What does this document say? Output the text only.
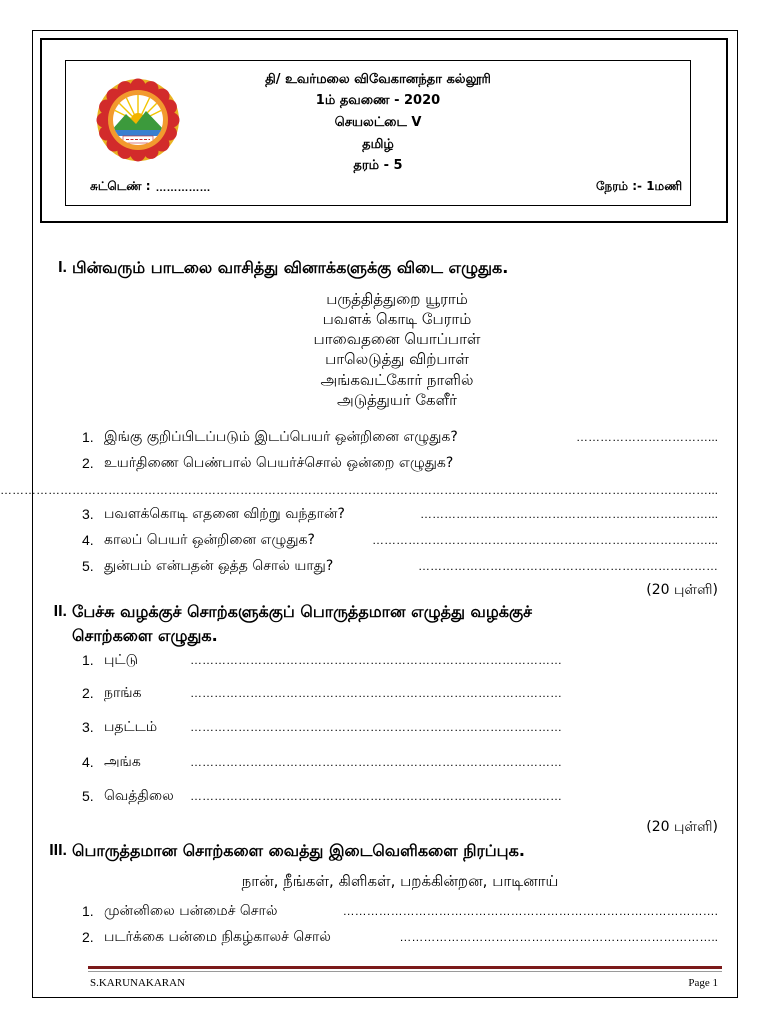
தி/ உவர்மலை விவேகானந்தா கல்லூரி
1ம் தவணை - 2020
செயலட்டை V
தமிழ்
தரம் - 5
சுட்டெண் : ……………	நேரம் :- 1மணி
I. பின்வரும் பாடலை வாசித்து வினாக்களுக்கு விடை எழுதுக.
பருத்தித்துறை யூராம்
பவளக் கொடி பேராம்
பாவைதனை யொப்பாள்
பாலெடுத்து விற்பாள்
அங்கவட்கோர் நாளில்
அடுத்துயர் கேளீர்
1. இங்கு குறிப்பிடப்படும் இடப்பெயர் ஒன்றினை எழுதுக?	……………………………...
2. உயர்திணை பெண்பால் பெயர்ச்சொல் ஒன்றை எழுதுக?
……………………………………………………………………………………………………………………………………………………………...
3. பவளக்கொடி எதனை விற்று வந்தான்?	………………………………………………………………...
4. காலப் பெயர் ஒன்றினை எழுதுக?	…………………………………………………………………………...
5. துன்பம் என்பதன் ஒத்த சொல் யாது?	…………………………………………………………………
(20 புள்ளி)
II. பேச்சு வழக்குச் சொற்களுக்குப் பொருத்தமான எழுத்து வழக்குச்
சொற்களை எழுதுக.
1. புட்டு	…………………………………………………………………………………
2. நாங்க	…………………………………………………………………………………
3. பதட்டம்	…………………………………………………………………………………
4. அங்க	…………………………………………………………………………………
5. வெத்திலை	…………………………………………………………………………………
(20 புள்ளி)
III. பொருத்தமான சொற்களை வைத்து இடைவெளிகளை நிரப்புக.
நான், நீங்கள், கிளிகள், பறக்கின்றன, பாடினாய்
1. முன்னிலை பன்மைச் சொல்	………………………………………………………………………………….
2. படர்க்கை பன்மை நிகழ்காலச் சொல்	……………………………………………………………………..
S.KARUNAKARAN	Page 1
